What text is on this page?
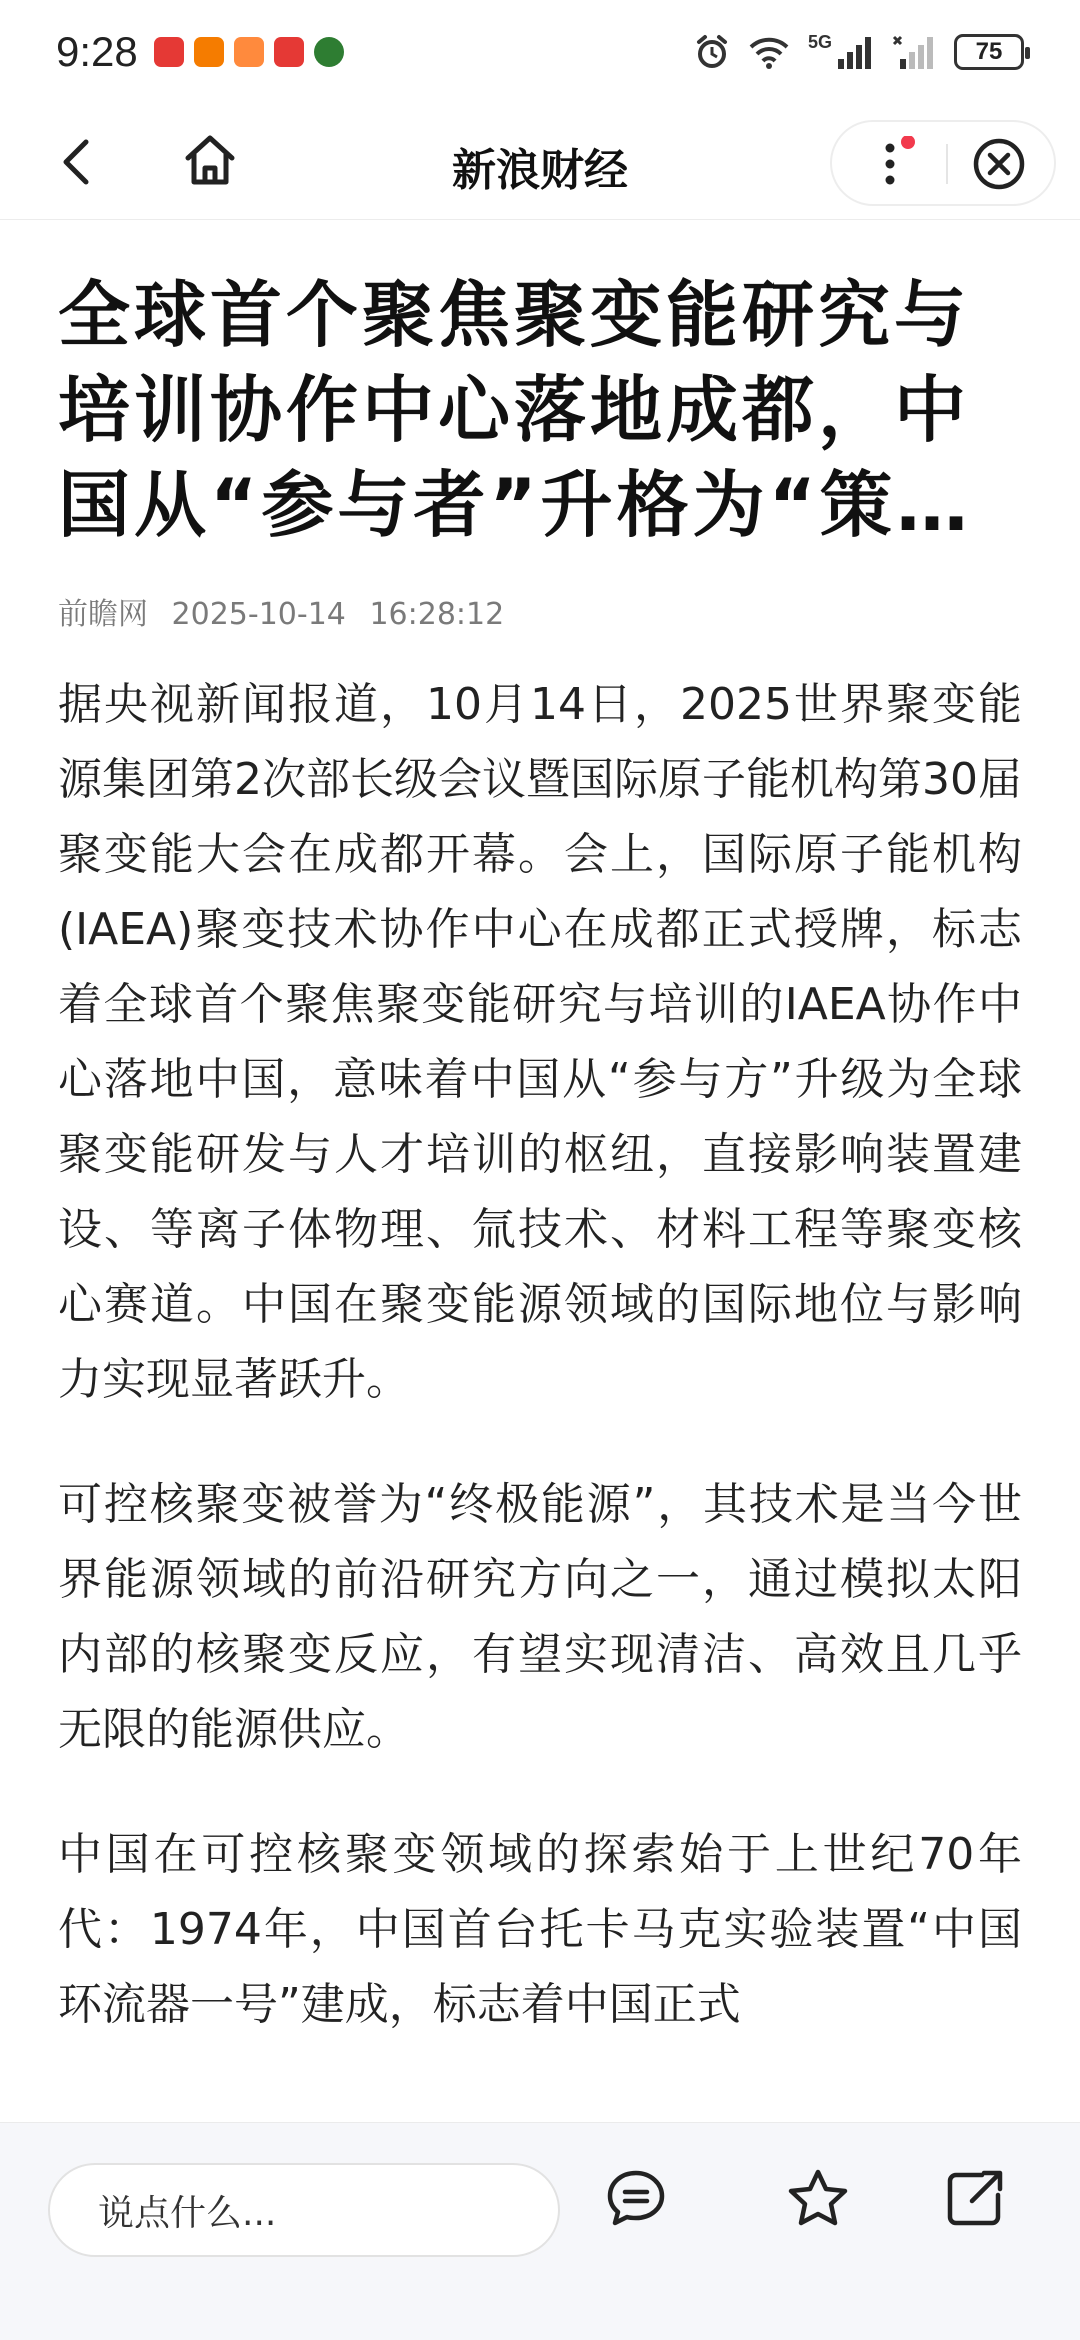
9:28	5G	75
新浪财经
全球首个聚焦聚变能研究与培训协作中心落地成都，中国从“参与者”升格为“策…
前瞻网 2025-10-14 16:28:12

据央视新闻报道，10月14日，2025世界聚变能源集团第2次部长级会议暨国际原子能机构第30届聚变能大会在成都开幕。会上，国际原子能机构(IAEA)聚变技术协作中心在成都正式授牌，标志着全球首个聚焦聚变能研究与培训的IAEA协作中心落地中国，意味着中国从“参与方”升级为全球聚变能研发与人才培训的枢纽，直接影响装置建设、等离子体物理、氚技术、材料工程等聚变核心赛道。中国在聚变能源领域的国际地位与影响力实现显著跃升。

可控核聚变被誉为“终极能源”，其技术是当今世界能源领域的前沿研究方向之一，通过模拟太阳内部的核聚变反应，有望实现清洁、高效且几乎无限的能源供应。

中国在可控核聚变领域的探索始于上世纪70年代：1974年，中国首台托卡马克实验装置“中国环流器一号”建成，标志着中国正式

说点什么...
